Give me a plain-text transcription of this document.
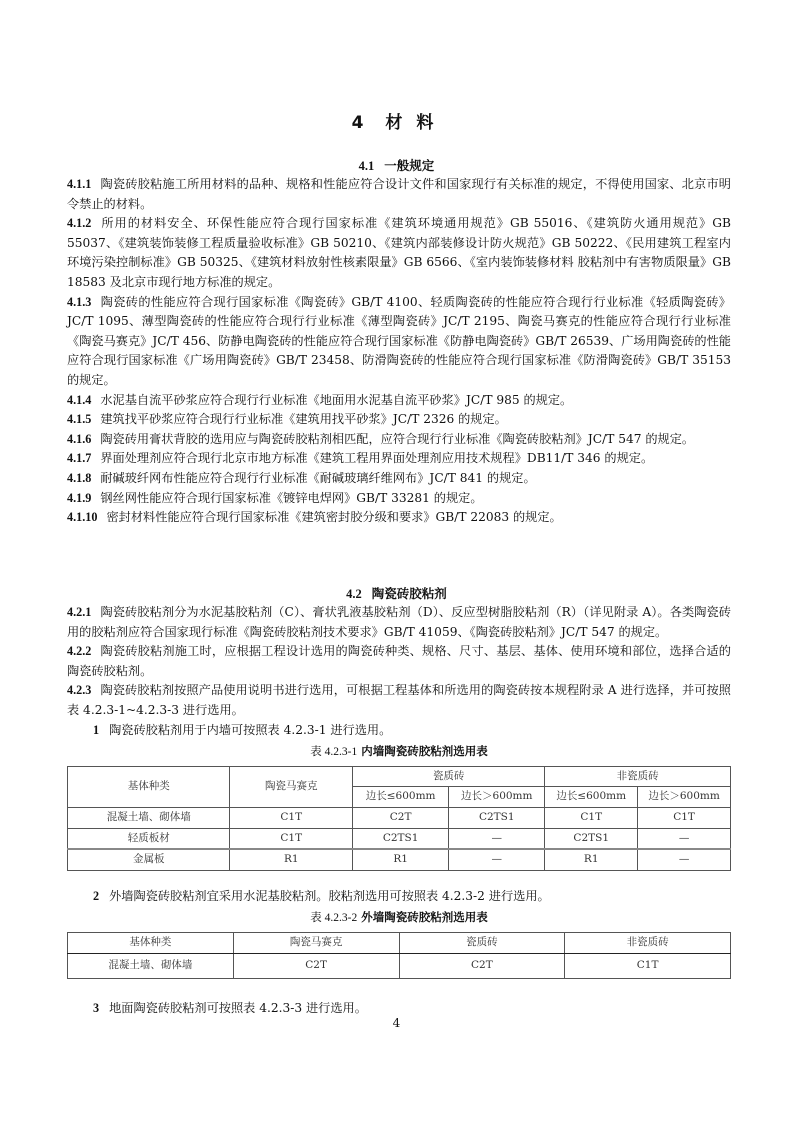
4 材 料
4.1 一般规定

4.1.1 陶瓷砖胶粘施工所用材料的品种、规格和性能应符合设计文件和国家现行有关标准的规定，不得使用国家、北京市明令禁止的材料。

4.1.2 所用的材料安全、环保性能应符合现行国家标准《建筑环境通用规范》GB 55016、《建筑防火通用规范》GB 55037、《建筑装饰装修工程质量验收标准》GB 50210、《建筑内部装修设计防火规范》GB 50222、《民用建筑工程室内环境污染控制标准》GB 50325、《建筑材料放射性核素限量》GB 6566、《室内装饰装修材料 胶粘剂中有害物质限量》GB 18583 及北京市现行地方标准的规定。

4.1.3 陶瓷砖的性能应符合现行国家标准《陶瓷砖》GB/T 4100、轻质陶瓷砖的性能应符合现行行业标准《轻质陶瓷砖》JC/T 1095、薄型陶瓷砖的性能应符合现行行业标准《薄型陶瓷砖》JC/T 2195、陶瓷马赛克的性能应符合现行行业标准《陶瓷马赛克》JC/T 456、防静电陶瓷砖的性能应符合现行国家标准《防静电陶瓷砖》GB/T 26539、广场用陶瓷砖的性能应符合现行国家标准《广场用陶瓷砖》GB/T 23458、防滑陶瓷砖的性能应符合现行国家标准《防滑陶瓷砖》GB/T 35153 的规定。

4.1.4 水泥基自流平砂浆应符合现行行业标准《地面用水泥基自流平砂浆》JC/T 985 的规定。

4.1.5 建筑找平砂浆应符合现行行业标准《建筑用找平砂浆》JC/T 2326 的规定。

4.1.6 陶瓷砖用膏状背胶的选用应与陶瓷砖胶粘剂相匹配，应符合现行行业标准《陶瓷砖胶粘剂》JC/T 547 的规定。

4.1.7 界面处理剂应符合现行北京市地方标准《建筑工程用界面处理剂应用技术规程》DB11/T 346 的规定。

4.1.8 耐碱玻纤网布性能应符合现行行业标准《耐碱玻璃纤维网布》JC/T 841 的规定。

4.1.9 钢丝网性能应符合现行国家标准《镀锌电焊网》GB/T 33281 的规定。

4.1.10 密封材料性能应符合现行国家标准《建筑密封胶分级和要求》GB/T 22083 的规定。

4.2 陶瓷砖胶粘剂

4.2.1 陶瓷砖胶粘剂分为水泥基胶粘剂（C）、膏状乳液基胶粘剂（D）、反应型树脂胶粘剂（R）（详见附录 A）。各类陶瓷砖用的胶粘剂应符合国家现行标准《陶瓷砖胶粘剂技术要求》GB/T 41059、《陶瓷砖胶粘剂》JC/T 547 的规定。

4.2.2 陶瓷砖胶粘剂施工时，应根据工程设计选用的陶瓷砖种类、规格、尺寸、基层、基体、使用环境和部位，选择合适的陶瓷砖胶粘剂。

4.2.3 陶瓷砖胶粘剂按照产品使用说明书进行选用，可根据工程基体和所选用的陶瓷砖按本规程附录 A 进行选择，并可按照表 4.2.3-1~4.2.3-3 进行选用。

1 陶瓷砖胶粘剂用于内墙可按照表 4.2.3-1 进行选用。

表 4.2.3-1 内墙陶瓷砖胶粘剂选用表
基体种类	陶瓷马赛克	瓷质砖		非瓷质砖	
		边长≤600mm	边长＞600mm	边长≤600mm	边长＞600mm
混凝土墙、砌体墙	C1T	C2T	C2TS1	C1T	C1T
轻质板材	C1T	C2TS1	—	C2TS1	—
金属板	R1	R1	—	R1	—

2 外墙陶瓷砖胶粘剂宜采用水泥基胶粘剂。胶粘剂选用可按照表 4.2.3-2 进行选用。

表 4.2.3-2 外墙陶瓷砖胶粘剂选用表
基体种类	陶瓷马赛克	瓷质砖	非瓷质砖
混凝土墙、砌体墙	C2T	C2T	C1T

3 地面陶瓷砖胶粘剂可按照表 4.2.3-3 进行选用。

4
